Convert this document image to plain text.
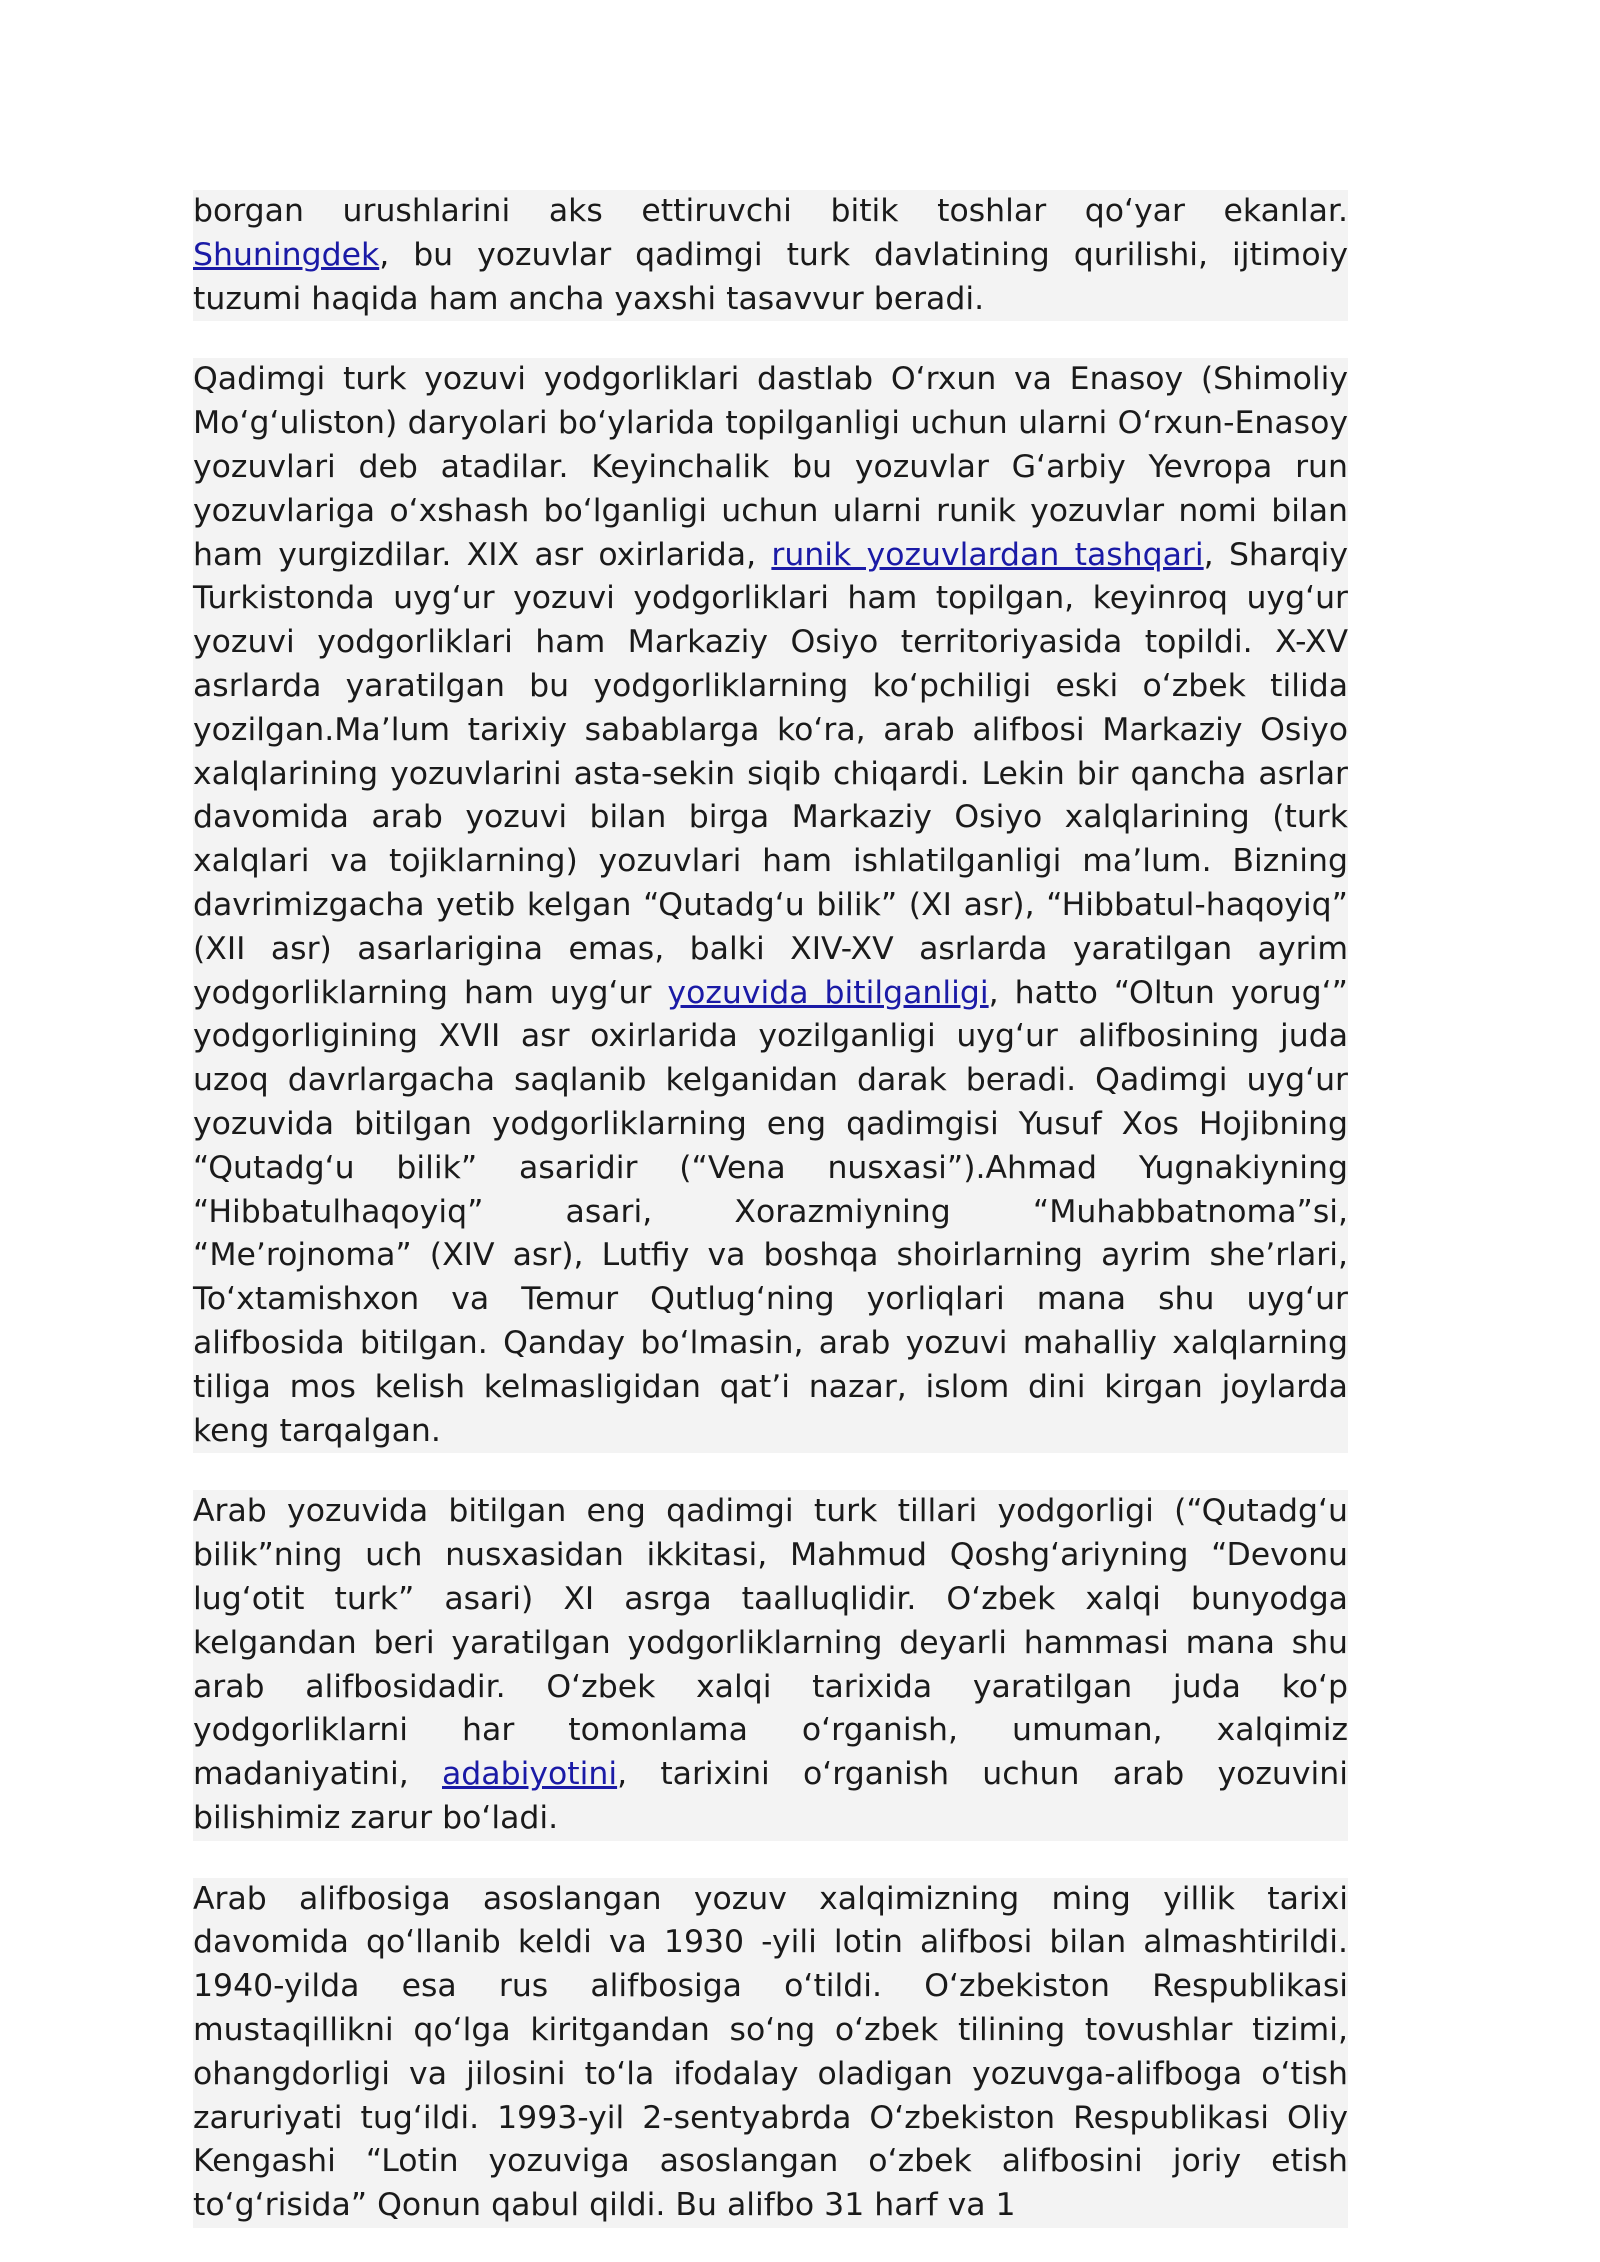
borgan urushlarini aks ettiruvchi bitik toshlar qo‘yar ekanlar. Shuningdek, bu yozuvlar qadimgi turk davlatining qurilishi, ijtimoiy tuzumi haqida ham ancha yaxshi tasavvur beradi.

Qadimgi turk yozuvi yodgorliklari dastlab O‘rxun va Enasoy (Shimoliy Mo‘g‘uliston) daryolari bo‘ylarida topilganligi uchun ularni O‘rxun-Enasoy yozuvlari deb atadilar. Keyinchalik bu yozuvlar G‘arbiy Yevropa run yozuvlariga o‘xshash bo‘lganligi uchun ularni runik yozuvlar nomi bilan ham yurgizdilar. XIX asr oxirlarida, runik yozuvlardan tashqari, Sharqiy Turkistonda uyg‘ur yozuvi yodgorliklari ham topilgan, keyinroq uyg‘ur yozuvi yodgorliklari ham Markaziy Osiyo territoriyasida topildi. X-XV asrlarda yaratilgan bu yodgorliklarning ko‘pchiligi eski o‘zbek tilida yozilgan.Ma’lum tarixiy sabablarga ko‘ra, arab alifbosi Markaziy Osiyo xalqlarining yozuvlarini asta-sekin siqib chiqardi. Lekin bir qancha asrlar davomida arab yozuvi bilan birga Markaziy Osiyo xalqlarining (turk xalqlari va tojiklarning) yozuvlari ham ishlatilganligi ma’lum. Bizning davrimizgacha yetib kelgan “Qutadg‘u bilik” (XI asr), “Hibbatul-haqoyiq” (XII asr) asarlarigina emas, balki XIV-XV asrlarda yaratilgan ayrim yodgorliklarning ham uyg‘ur yozuvida bitilganligi, hatto “Oltun yorug‘” yodgorligining XVII asr oxirlarida yozilganligi uyg‘ur alifbosining juda uzoq davrlargacha saqlanib kelganidan darak beradi. Qadimgi uyg‘ur yozuvida bitilgan yodgorliklarning eng qadimgisi Yusuf Xos Hojibning “Qutadg‘u bilik” asaridir (“Vena nusxasi”).Ahmad Yugnakiyning “Hibbatulhaqoyiq” asari, Xorazmiyning “Muhabbatnoma”si, “Me’rojnoma” (XIV asr), Lutfiy va boshqa shoirlarning ayrim she’rlari, To‘xtamishxon va Temur Qutlug‘ning yorliqlari mana shu uyg‘ur alifbosida bitilgan. Qanday bo‘lmasin, arab yozuvi mahalliy xalqlarning tiliga mos kelish kelmasligidan qat’i nazar, islom dini kirgan joylarda keng tarqalgan.

Arab yozuvida bitilgan eng qadimgi turk tillari yodgorligi (“Qutadg‘u bilik”ning uch nusxasidan ikkitasi, Mahmud Qoshg‘ariyning “Devonu lug‘otit turk” asari) XI asrga taalluqlidir. O‘zbek xalqi bunyodga kelgandan beri yaratilgan yodgorliklarning deyarli hammasi mana shu arab alifbosidadir. O‘zbek xalqi tarixida yaratilgan juda ko‘p yodgorliklarni har tomonlama o‘rganish, umuman, xalqimiz madaniyatini, adabiyotini, tarixini o‘rganish uchun arab yozuvini bilishimiz zarur bo‘ladi.

Arab alifbosiga asoslangan yozuv xalqimizning ming yillik tarixi davomida qo‘llanib keldi va 1930 -yili lotin alifbosi bilan almashtirildi. 1940-yilda esa rus alifbosiga o‘tildi. O‘zbekiston Respublikasi mustaqillikni qo‘lga kiritgandan so‘ng o‘zbek tilining tovushlar tizimi, ohangdorligi va jilosini to‘la ifodalay oladigan yozuvga-alifboga o‘tish zaruriyati tug‘ildi. 1993-yil 2-sentyabrda O‘zbekiston Respublikasi Oliy Kengashi “Lotin yozuviga asoslangan o‘zbek alifbosini joriy etish to‘g‘risida” Qonun qabul qildi. Bu alifbo 31 harf va 1
